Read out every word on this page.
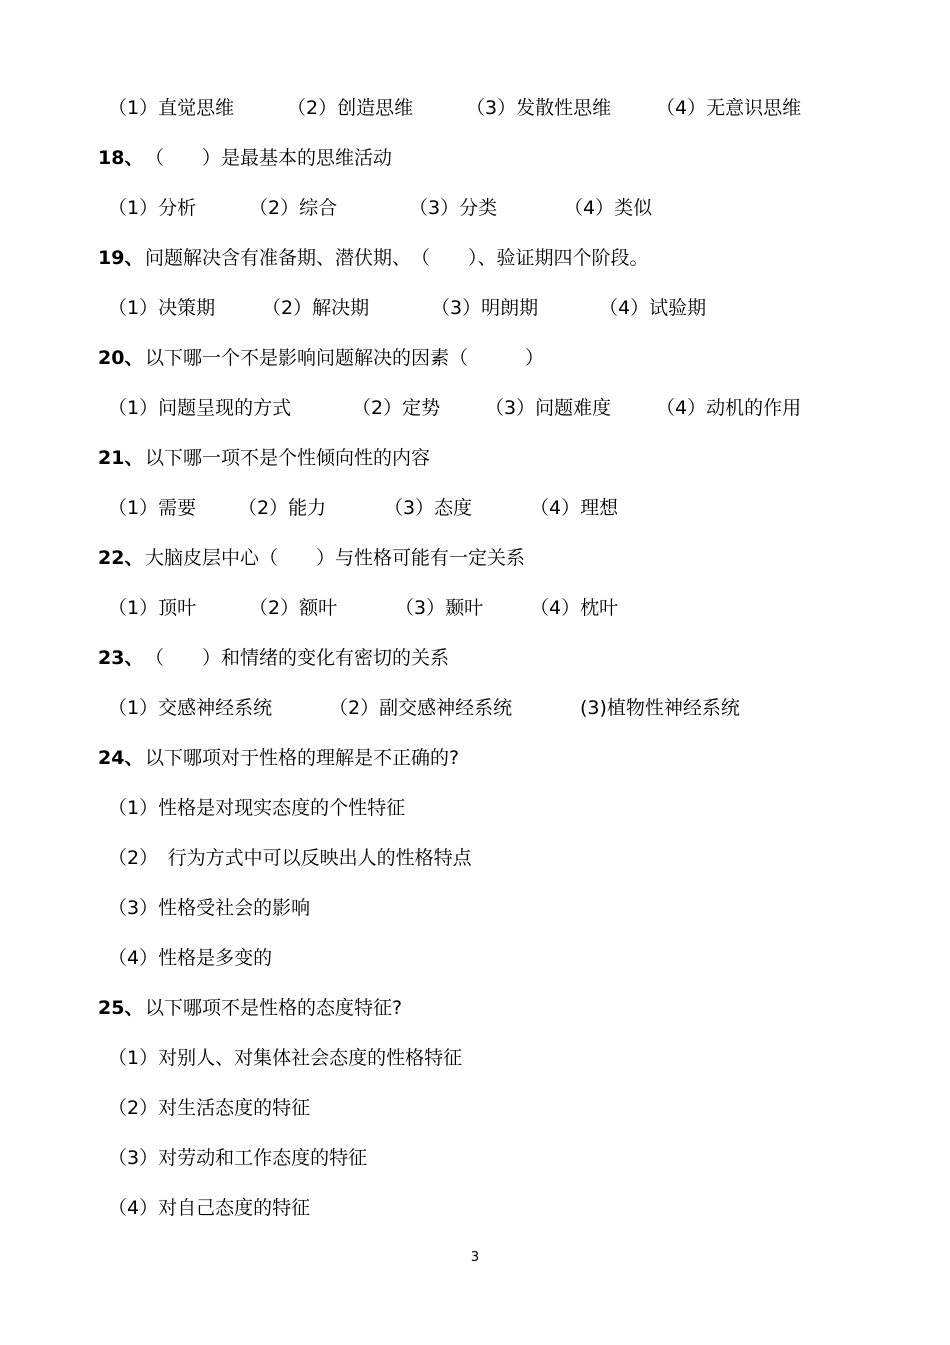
（1）直觉思维	（2）创造思维	（3）发散性思维 （4）无意识思维
18、 （　　）是最基本的思维活动
（1）分析	（2）综合	（3）分类	（4）类似
19、 问题解决含有准备期、潜伏期、　（　　）、验证期四个阶段。
（1）决策期 （2）解决期	（3）明朗期	（4）试验期
20、 以下哪一个不是影响问题解决的因素（　　　）
（1）问题呈现的方式	（2）定势 （3）问题难度 （4）动机的作用
21、 以下哪一项不是个性倾向性的内容
（1）需要 （2）能力	（3）态度	（4）理想
22、 大脑皮层中心（　　）与性格可能有一定关系
（1）顶叶	（2）额叶	（3）颞叶 （4）枕叶
23、 （　　）和情绪的变化有密切的关系
（1）交感神经系统	（2）副交感神经系统	(3)植物性神经系统
24、 以下哪项对于性格的理解是不正确的?
（1）性格是对现实态度的个性特征
（2）　行为方式中可以反映出人的性格特点
（3）性格受社会的影响
（4）性格是多变的
25、 以下哪项不是性格的态度特征?
（1）对别人、对集体社会态度的性格特征
（2）对生活态度的特征
（3）对劳动和工作态度的特征
（4）对自己态度的特征
3
